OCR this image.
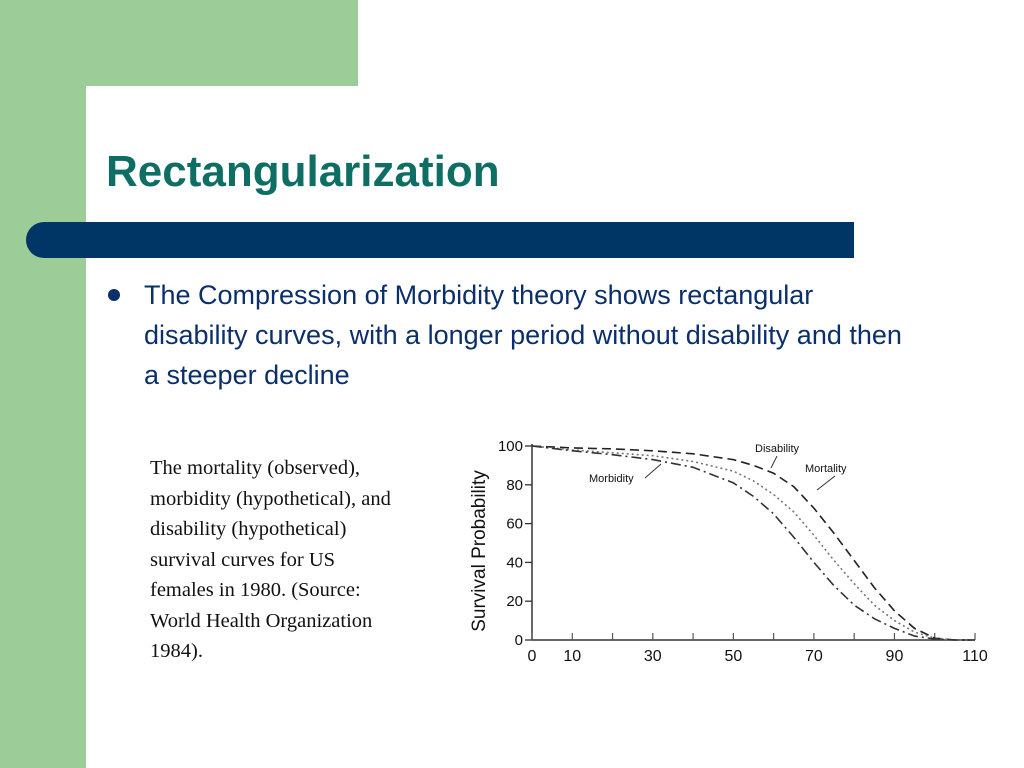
Rectangularization
The Compression of Morbidity theory shows rectangular disability curves, with a longer period without disability and then a steeper decline
The mortality (observed),
morbidity (hypothetical), and
disability (hypothetical)
survival curves for US
females in 1980. (Source:
World Health Organization
1984).	0
20
40
60
80
100
0 10	30	50	70	90	110
Survival Probability
Disability
Mortality
Morbidity
